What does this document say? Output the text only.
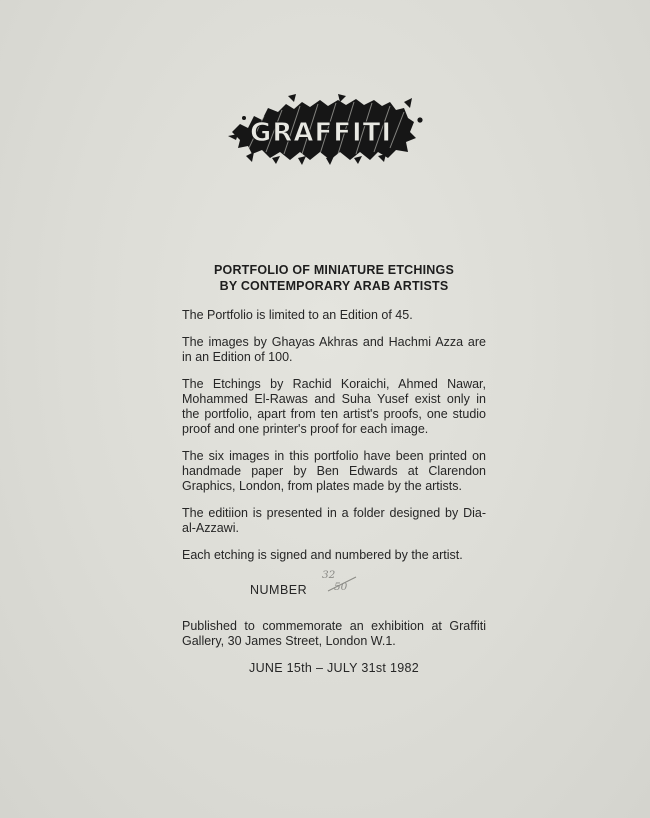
GRAFFITI
PORTFOLIO OF MINIATURE ETCHINGS
BY CONTEMPORARY ARAB ARTISTS

The Portfolio is limited to an Edition of 45.

The images by Ghayas Akhras and Hachmi Azza are in an Edition of 100.

The Etchings by Rachid Koraichi, Ahmed Nawar, Mohammed El-Rawas and Suha Yusef exist only in the portfolio, apart from ten artist's proofs, one studio proof and one printer's proof for each image.

The six images in this portfolio have been printed on handmade paper by Ben Edwards at Clarendon Graphics, London, from plates made by the artists.

The editiion is presented in a folder designed by Dia-al-Azzawi.

Each etching is signed and numbered by the artist.

NUMBER
32
50

Published to commemorate an exhibition at Graffiti Gallery, 30 James Street, London W.1.

JUNE 15th – JULY 31st 1982
